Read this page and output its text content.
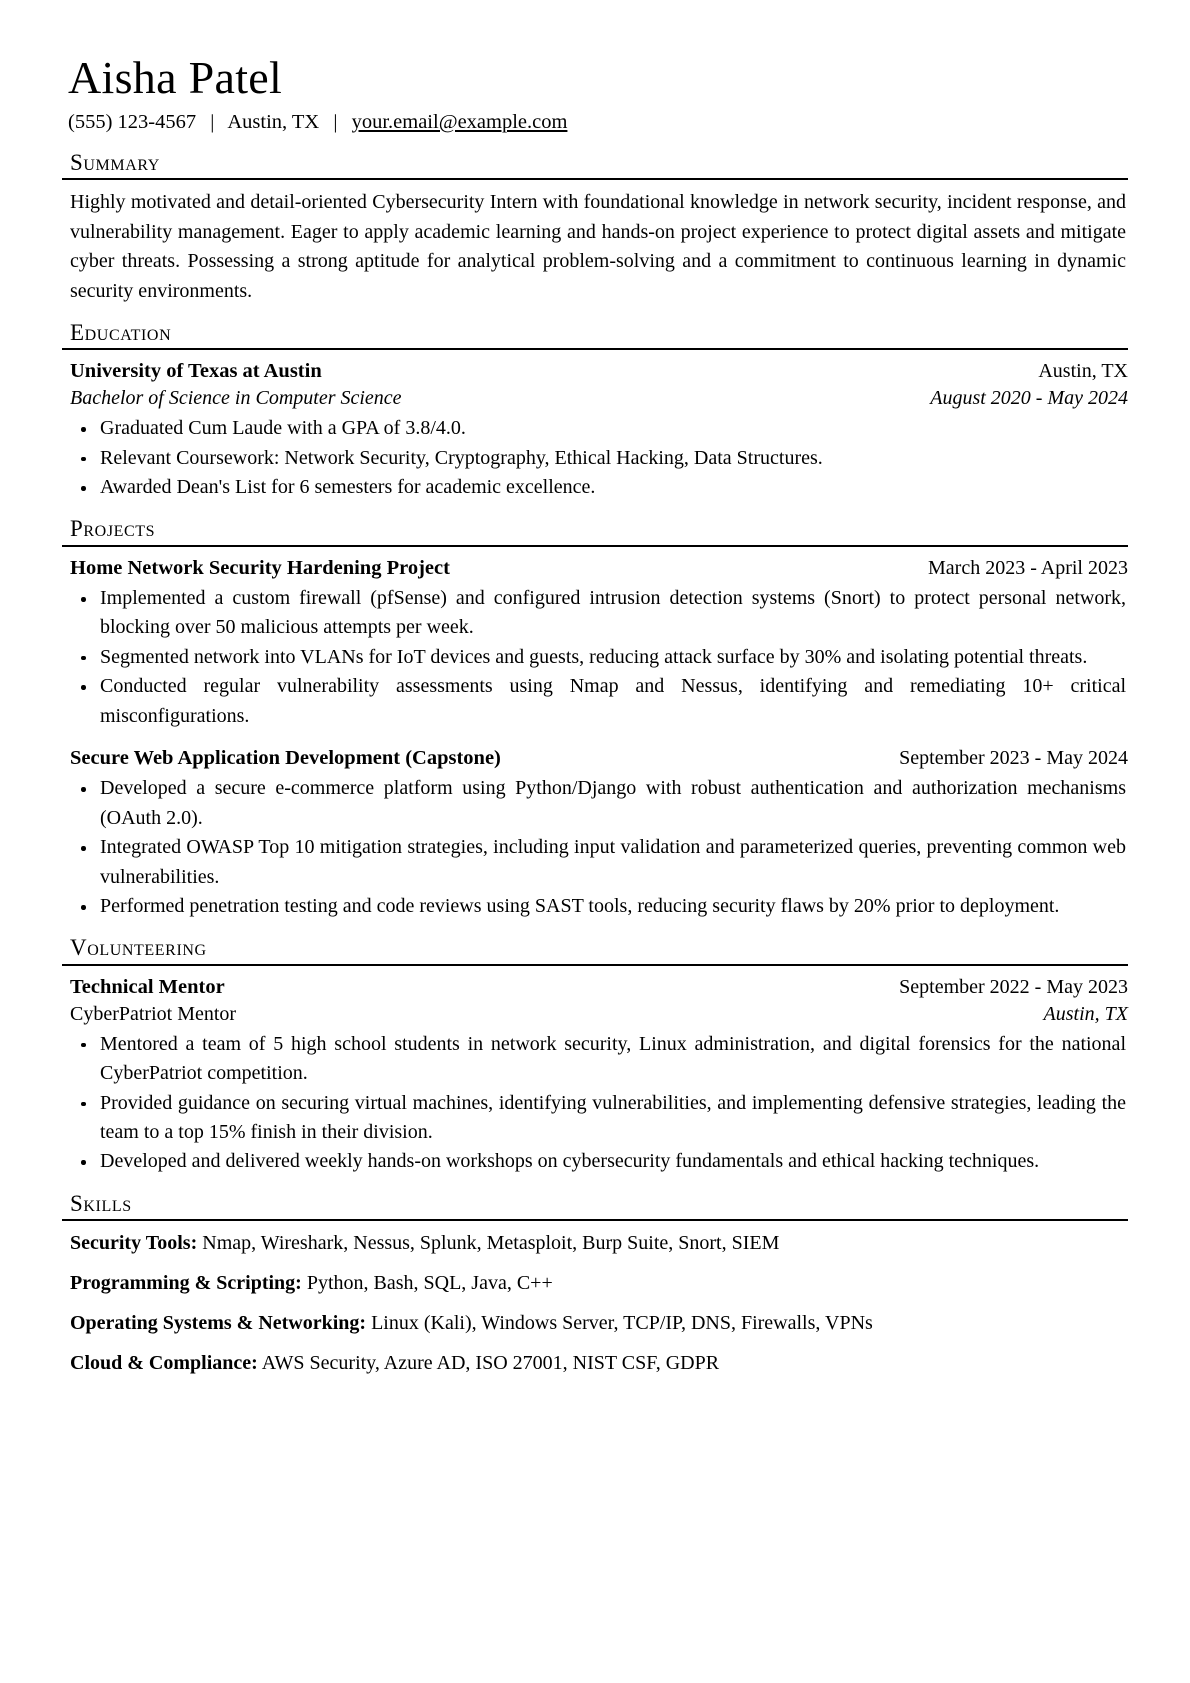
Aisha Patel
(555) 123-4567 | Austin, TX | your.email@example.com
Summary

Highly motivated and detail-oriented Cybersecurity Intern with foundational knowledge in network security, incident response, and vulnerability management. Eager to apply academic learning and hands-on project experience to protect digital assets and mitigate cyber threats. Possessing a strong aptitude for analytical problem-solving and a commitment to continuous learning in dynamic security environments.

Education
University of Texas at Austin	Austin, TX
Bachelor of Science in Computer Science	August 2020 - May 2024
Graduated Cum Laude with a GPA of 3.8/4.0.
Relevant Coursework: Network Security, Cryptography, Ethical Hacking, Data Structures.
Awarded Dean's List for 6 semesters for academic excellence.
Projects
Home Network Security Hardening Project	March 2023 - April 2023
Implemented a custom firewall (pfSense) and configured intrusion detection systems (Snort) to protect personal network, blocking over 50 malicious attempts per week.
Segmented network into VLANs for IoT devices and guests, reducing attack surface by 30% and isolating potential threats.
Conducted regular vulnerability assessments using Nmap and Nessus, identifying and remediating 10+ critical misconfigurations.
Secure Web Application Development (Capstone)	September 2023 - May 2024
Developed a secure e-commerce platform using Python/Django with robust authentication and authorization mechanisms (OAuth 2.0).
Integrated OWASP Top 10 mitigation strategies, including input validation and parameterized queries, preventing common web vulnerabilities.
Performed penetration testing and code reviews using SAST tools, reducing security flaws by 20% prior to deployment.
Volunteering
Technical Mentor	September 2022 - May 2023
CyberPatriot Mentor	Austin, TX
Mentored a team of 5 high school students in network security, Linux administration, and digital forensics for the national CyberPatriot competition.
Provided guidance on securing virtual machines, identifying vulnerabilities, and implementing defensive strategies, leading the team to a top 15% finish in their division.
Developed and delivered weekly hands-on workshops on cybersecurity fundamentals and ethical hacking techniques.
Skills
Security Tools: Nmap, Wireshark, Nessus, Splunk, Metasploit, Burp Suite, Snort, SIEM
Programming & Scripting: Python, Bash, SQL, Java, C++
Operating Systems & Networking: Linux (Kali), Windows Server, TCP/IP, DNS, Firewalls, VPNs
Cloud & Compliance: AWS Security, Azure AD, ISO 27001, NIST CSF, GDPR
